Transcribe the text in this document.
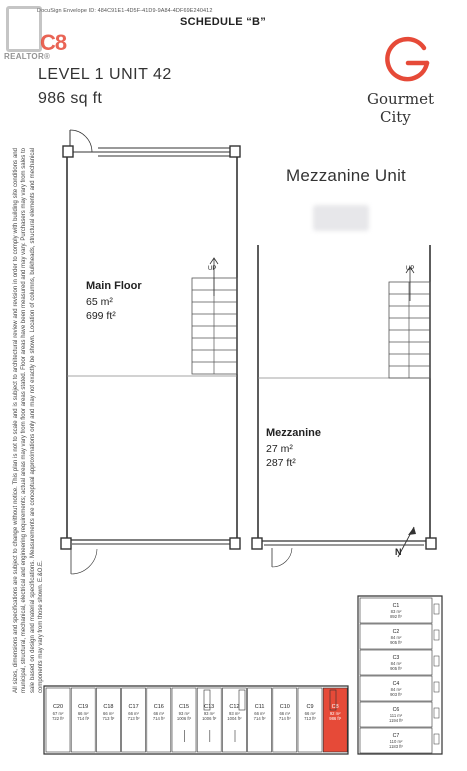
DocuSign Envelope ID: 484C91E1-4D5F-41D9-9A84-4DF69E240412
SCHEDULE “B”
REALTOR®
C8
LEVEL 1 UNIT 42
986 sq ft	Gourmet
City
All sizes, dimensions and specifications are subject to change without notice. This plan is not to scale and is subject to architectural review and revision in order to comply with building site conditions and municipal, structural, mechanical, electrical and engineering requirements; actual areas may vary from floor areas stated. Floor areas have been measured and may vary. Purchasers may vary from sales to sale based on design and material specifications. Measurements are conceptual approximations only and may not exactly be shown. Location of columns, bulkheads, structural elements and mechanical components may vary from those shown. E.&O.E.
UP
Main Floor
65 m²
699 ft²
Mezzanine Unit
UP
N
Mezzanine
27 m²
287 ft²
C20
67 m²
722 ft²
C19
66 m²
714 ft²
C18
66 m²
713 ft²
C17
66 m²
713 ft²
C16
66 m²
714 ft²
C15
93 m²
1006 ft²
C13
93 m²
1006 ft²
C12
93 m²
1004 ft²
C11
66 m²
714 ft²
C10
66 m²
714 ft²
C9
66 m²
713 ft²
C8
92 m²
986 ft²
C1
83 m²
892 ft²
C2
84 m²
905 ft²
C3
84 m²
905 ft²
C4
84 m²
903 ft²
C6
111 m²
1194 ft²
C7
110 m²
1183 ft²
